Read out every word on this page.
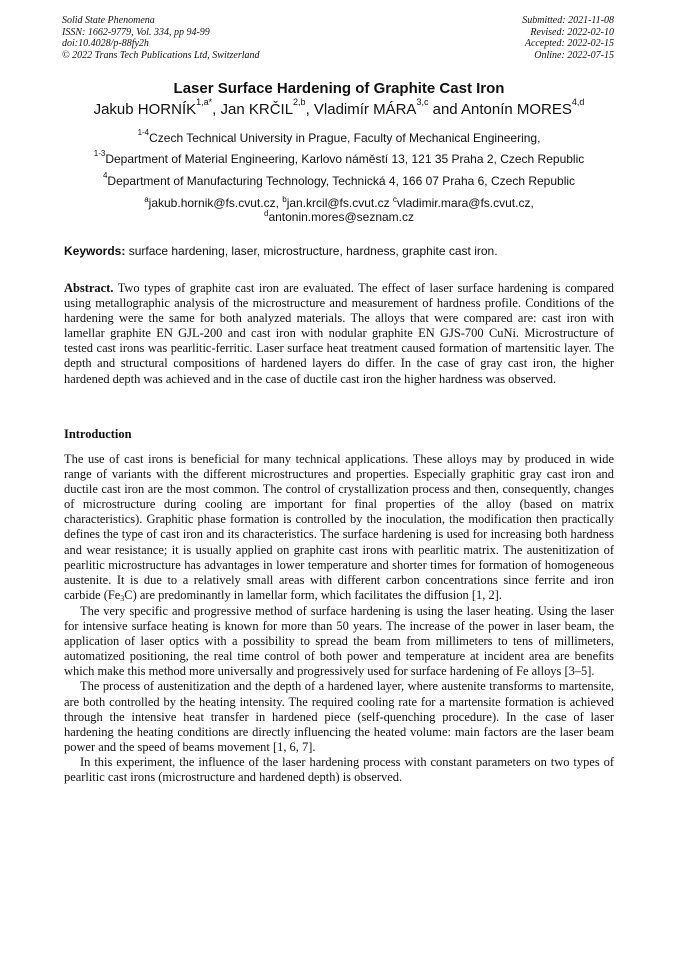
Solid State Phenomena
ISSN: 1662-9779, Vol. 334, pp 94-99
doi:10.4028/p-88fy2h
© 2022 Trans Tech Publications Ltd, Switzerland
Submitted: 2021-11-08
Revised: 2022-02-10
Accepted: 2022-02-15
Online: 2022-07-15
Laser Surface Hardening of Graphite Cast Iron
Jakub $HORNÍK^{1,a*}$, Jan KRČIL$^{2,b}$, Vladimír MÁRA$^{3,c}$ and Antonín MORES$^{4,d}$
$^{1-4}$Czech Technical University in Prague, Faculty of Mechanical Engineering,
$^{1-3}$Department of Material Engineering, Karlovo náměstí 13, 121 35 Praha 2, Czech Republic
$^4$Department of Manufacturing Technology, Technická 4, 166 07 Praha 6, Czech Republic
$^a$jakub.hornik@fs.cvut.cz, $^b$jan.krcil@fs.cvut.cz $^c$vladimir.mara@fs.cvut.cz,
$^d$antonin.mores@seznam.cz
Keywords: surface hardening, laser, microstructure, hardness, graphite cast iron.

Abstract. Two types of graphite cast iron are evaluated. The effect of laser surface hardening is compared using metallographic analysis of the microstructure and measurement of hardness profile. Conditions of the hardening were the same for both analyzed materials. The alloys that were compared are: cast iron with lamellar graphite EN GJL-200 and cast iron with nodular graphite EN GJS-700 CuNi. Microstructure of tested cast irons was pearlitic-ferritic. Laser surface heat treatment caused formation of martensitic layer. The depth and structural compositions of hardened layers do differ. In the case of gray cast iron, the higher hardened depth was achieved and in the case of ductile cast iron the higher hardness was observed.

Introduction

The use of cast irons is beneficial for many technical applications. These alloys may by produced in wide range of variants with the different microstructures and properties. Especially graphitic gray cast iron and ductile cast iron are the most common. The control of crystallization process and then, consequently, changes of microstructure during cooling are important for final properties of the alloy (based on matrix characteristics). Graphitic phase formation is controlled by the inoculation, the modification then practically defines the type of cast iron and its characteristics. The surface hardening is used for increasing both hardness and wear resistance; it is usually applied on graphite cast irons with pearlitic matrix. The austenitization of pearlitic microstructure has advantages in lower temperature and shorter times for formation of homogeneous austenite. It is due to a relatively small areas with different carbon concentrations since ferrite and iron carbide $(Fe_3C)$ are predominantly in lamellar form, which facilitates the diffusion [1, 2].

The very specific and progressive method of surface hardening is using the laser heating. Using the laser for intensive surface heating is known for more than 50 years. The increase of the power in laser beam, the application of laser optics with a possibility to spread the beam from millimeters to tens of millimeters, automatized positioning, the real time control of both power and temperature at incident area are benefits which make this method more universally and progressively used for surface hardening of Fe alloys [3–5].

The process of austenitization and the depth of a hardened layer, where austenite transforms to martensite, are both controlled by the heating intensity. The required cooling rate for a martensite formation is achieved through the intensive heat transfer in hardened piece (self-quenching procedure). In the case of laser hardening the heating conditions are directly influencing the heated volume: main factors are the laser beam power and the speed of beams movement [1, 6, 7].

In this experiment, the influence of the laser hardening process with constant parameters on two types of pearlitic cast irons (microstructure and hardened depth) is observed.
